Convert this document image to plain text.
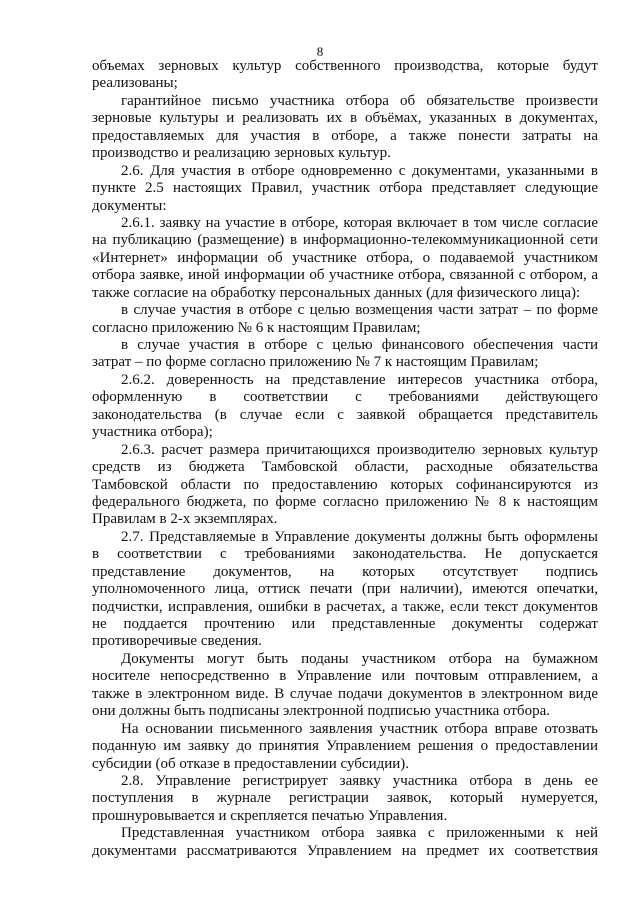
8
объемах зерновых культур собственного производства, которые будут
реализованы;
гарантийное письмо участника отбора об обязательстве произвести
зерновые культуры и реализовать их в объёмах, указанных в документах,
предоставляемых для участия в отборе, а также понести затраты на
производство и реализацию зерновых культур.
2.6. Для участия в отборе одновременно с документами, указанными в
пункте 2.5 настоящих Правил, участник отбора представляет следующие
документы:
2.6.1. заявку на участие в отборе, которая включает в том числе согласие
на публикацию (размещение) в информационно-телекоммуникационной сети
«Интернет» информации об участнике отбора, о подаваемой участником
отбора заявке, иной информации об участнике отбора, связанной с отбором, а
также согласие на обработку персональных данных (для физического лица):
в случае участия в отборе с целью возмещения части затрат – по форме
согласно приложению № 6 к настоящим Правилам;
в случае участия в отборе с целью финансового обеспечения части
затрат – по форме согласно приложению № 7 к настоящим Правилам;
2.6.2. доверенность на представление интересов участника отбора,
оформленную в соответствии с требованиями действующего
законодательства (в случае если с заявкой обращается представитель
участника отбора);
2.6.3. расчет размера причитающихся производителю зерновых культур
средств из бюджета Тамбовской области, расходные обязательства
Тамбовской области по предоставлению которых софинансируются из
федерального бюджета, по форме согласно приложению № 8 к настоящим
Правилам в 2-х экземплярах.
2.7. Представляемые в Управление документы должны быть оформлены
в соответствии с требованиями законодательства. Не допускается
представление документов, на которых отсутствует подпись
уполномоченного лица, оттиск печати (при наличии), имеются опечатки,
подчистки, исправления, ошибки в расчетах, а также, если текст документов
не поддается прочтению или представленные документы содержат
противоречивые сведения.
Документы могут быть поданы участником отбора на бумажном
носителе непосредственно в Управление или почтовым отправлением, а
также в электронном виде. В случае подачи документов в электронном виде
они должны быть подписаны электронной подписью участника отбора.
На основании письменного заявления участник отбора вправе отозвать
поданную им заявку до принятия Управлением решения о предоставлении
субсидии (об отказе в предоставлении субсидии).
2.8. Управление регистрирует заявку участника отбора в день ее
поступления в журнале регистрации заявок, который нумеруется,
прошнуровывается и скрепляется печатью Управления.
Представленная участником отбора заявка с приложенными к ней
документами рассматриваются Управлением на предмет их соответствия
